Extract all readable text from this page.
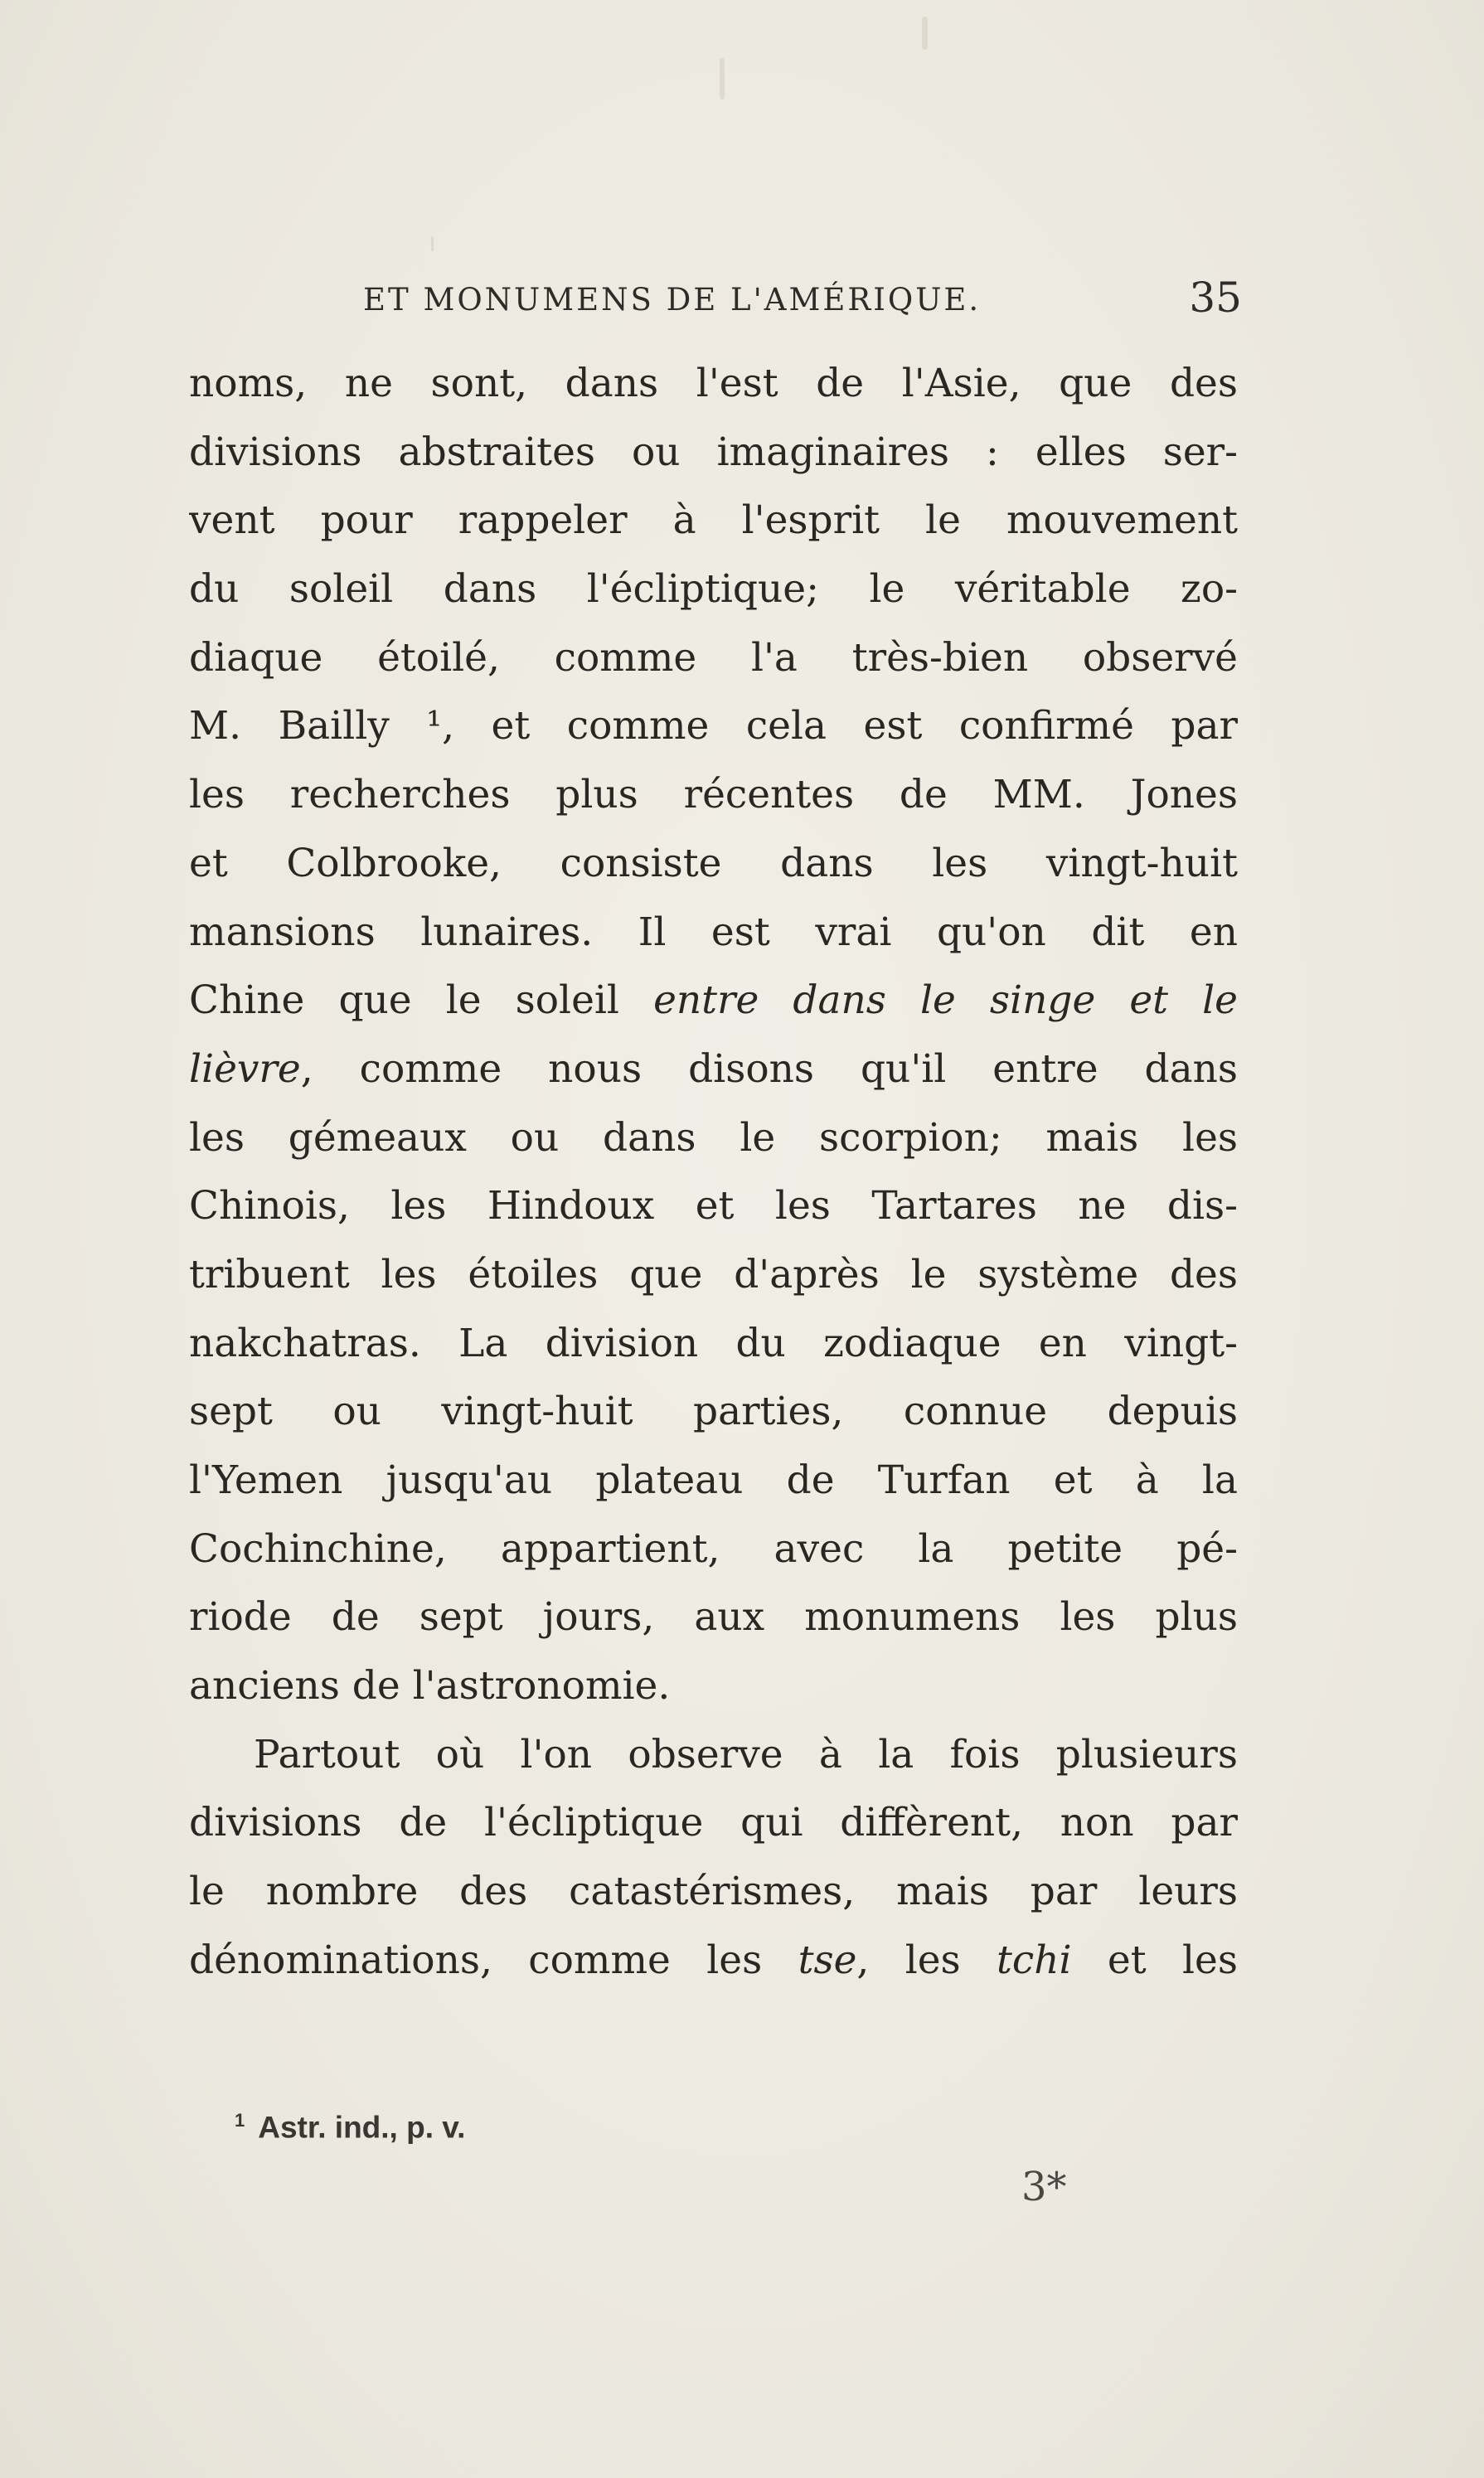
ET MONUMENS DE L'AMÉRIQUE.	35
noms, ne sont, dans l'est de l'Asie, que des
divisions abstraites ou imaginaires : elles ser-
vent pour rappeler à l'esprit le mouvement
du soleil dans l'écliptique; le véritable zo-
diaque étoilé, comme l'a très-bien observé
M. Bailly ¹, et comme cela est confirmé par
les recherches plus récentes de MM. Jones
et Colbrooke, consiste dans les vingt-huit
mansions lunaires. Il est vrai qu'on dit en
Chine que le soleil entre dans le singe et le
lièvre, comme nous disons qu'il entre dans
les gémeaux ou dans le scorpion; mais les
Chinois, les Hindoux et les Tartares ne dis-
tribuent les étoiles que d'après le système des
nakchatras. La division du zodiaque en vingt-
sept ou vingt-huit parties, connue depuis
l'Yemen jusqu'au plateau de Turfan et à la
Cochinchine, appartient, avec la petite pé-
riode de sept jours, aux monumens les plus
anciens de l'astronomie.
Partout où l'on observe à la fois plusieurs
divisions de l'écliptique qui diffèrent, non par
le nombre des catastérismes, mais par leurs
dénominations, comme les tse, les tchi et les
$^1$ Astr. ind., p. v.
3*
